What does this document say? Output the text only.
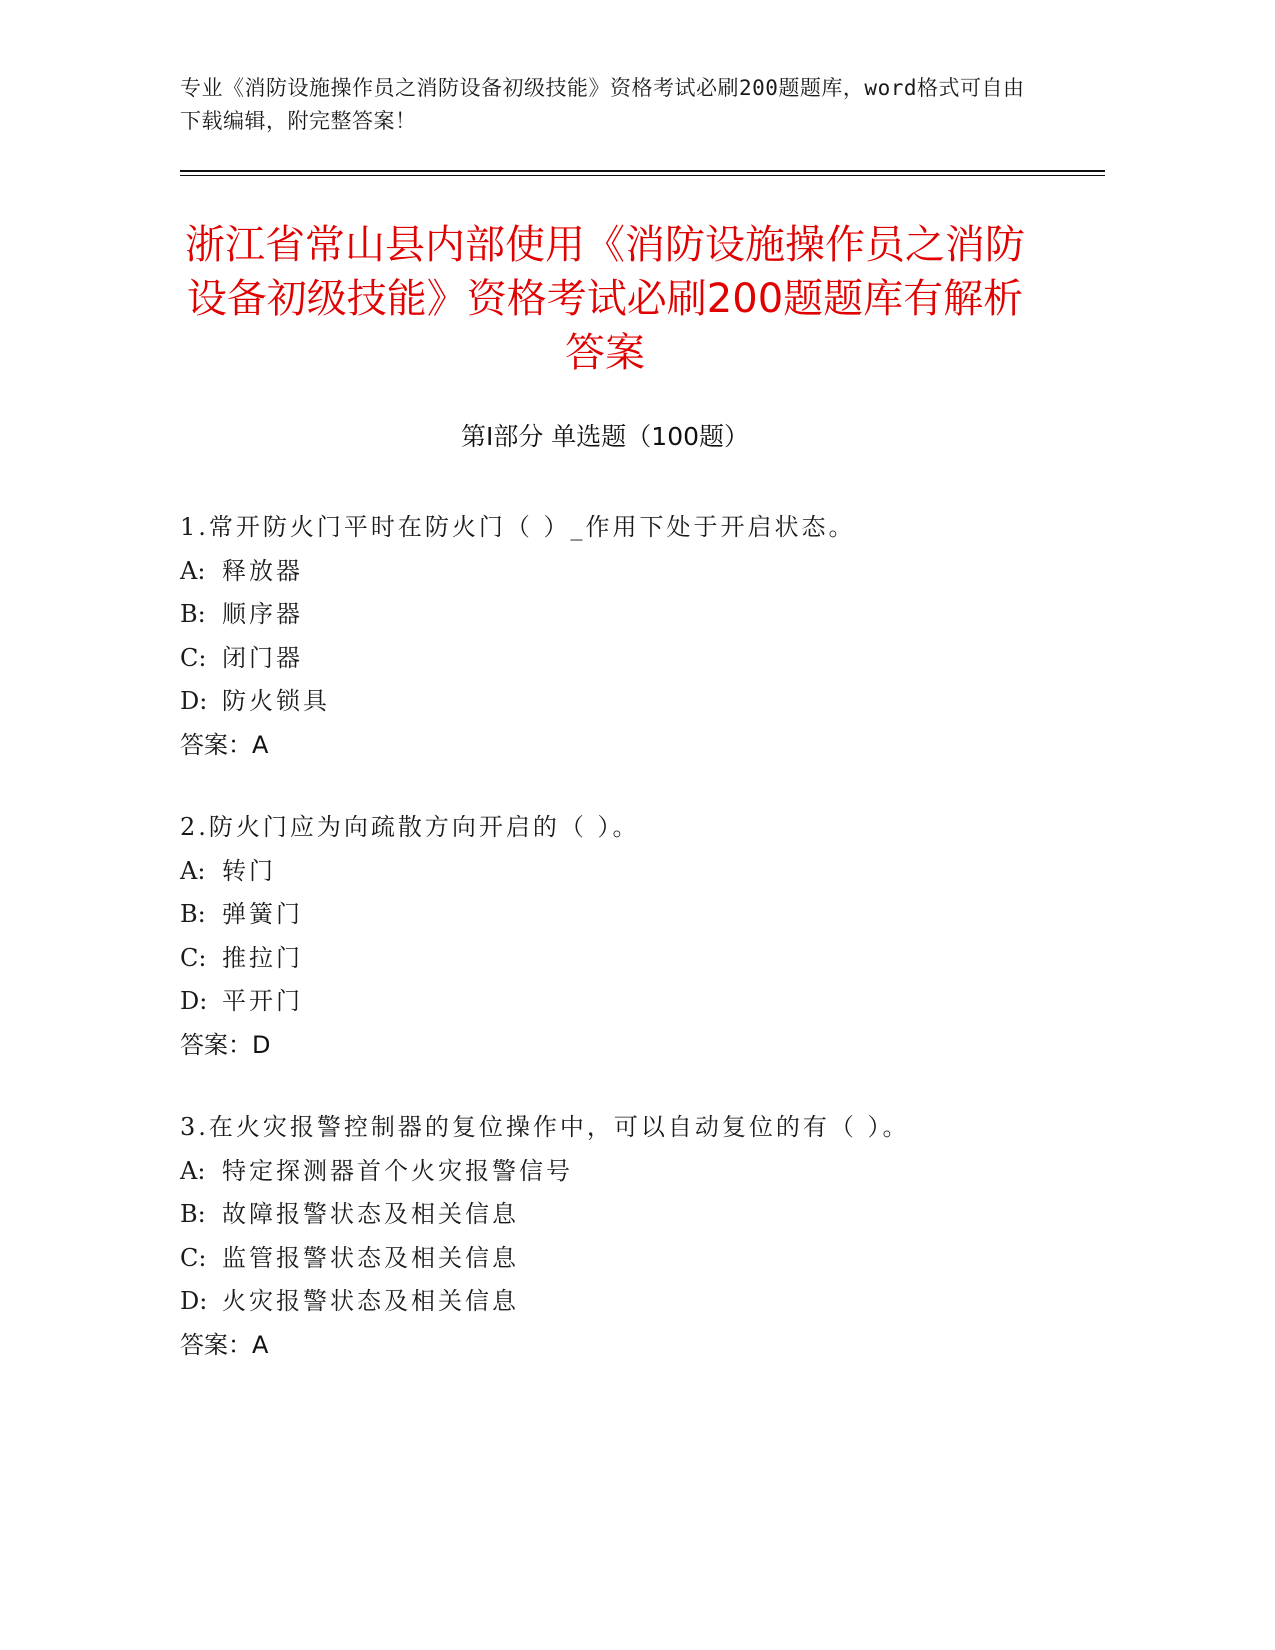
专业《消防设施操作员之消防设备初级技能》资格考试必刷200题题库，word格式可自由下载编辑，附完整答案！
浙江省常山县内部使用《消防设施操作员之消防设备初级技能》资格考试必刷200题题库有解析答案
第Ⅰ部分 单选题（100题）
1.常开防火门平时在防火门（ ）_作用下处于开启状态。
A: 释放器
B: 顺序器
C: 闭门器
D: 防火锁具
答案：A
2.防火门应为向疏散方向开启的（ ）。
A: 转门
B: 弹簧门
C: 推拉门
D: 平开门
答案：D
3.在火灾报警控制器的复位操作中，可以自动复位的有（ ）。
A: 特定探测器首个火灾报警信号
B: 故障报警状态及相关信息
C: 监管报警状态及相关信息
D: 火灾报警状态及相关信息
答案：A
